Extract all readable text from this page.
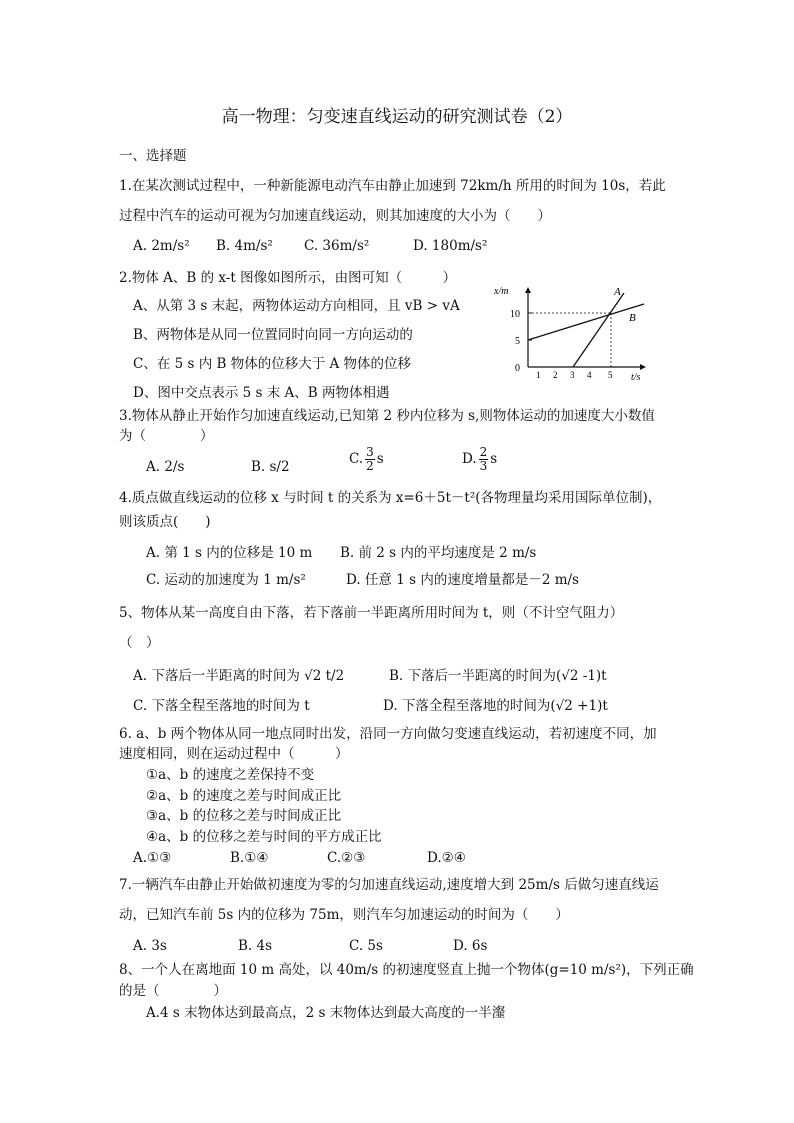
高一物理：匀变速直线运动的研究测试卷（2）
一、选择题
1.在某次测试过程中，一种新能源电动汽车由静止加速到 72km/h 所用的时间为 10s，若此
过程中汽车的运动可视为匀加速直线运动，则其加速度的大小为（　　）
A. 2m/s² B. 4m/s² C. 36m/s²	D. 180m/s²
2.物体 A、B 的 x-t 图像如图所示，由图可知（　　　）
A、从第 3 s 末起，两物体运动方向相同，且 vB > vA
B、两物体是从同一位置同时向同一方向运动的
C、在 5 s 内 B 物体的位移大于 A 物体的位移
D、图中交点表示 5 s 末 A、B 两物体相遇
x/m
t/s
10
5
0
1 2 3 4 5
A
B
3.物体从静止开始作匀加速直线运动,已知第 2 秒内位移为 s,则物体运动的加速度大小数值
为（　　　　）
A. 2/s	B. s/2	C. $\frac{3}{2}$ s	D. $\frac{2}{3}$ s
4.质点做直线运动的位移 x 与时间 t 的关系为 x=6＋5t－t²(各物理量均采用国际单位制)，
则该质点(　　)
A. 第 1 s 内的位移是 10 m B. 前 2 s 内的平均速度是 2 m/s
C. 运动的加速度为 1 m/s²	D. 任意 1 s 内的速度增量都是－2 m/s
5、物体从某一高度自由下落，若下落前一半距离所用时间为 t，则（不计空气阻力）
（　）
A. 下落后一半距离的时间为 √2 t/2	B. 下落后一半距离的时间为(√2 -1)t
C. 下落全程至落地的时间为 t	D. 下落全程至落地的时间为(√2 +1)t
6. a、b 两个物体从同一地点同时出发，沿同一方向做匀变速直线运动，若初速度不同，加
速度相同，则在运动过程中（　　　）
①a、b 的速度之差保持不变
②a、b 的速度之差与时间成正比
③a、b 的位移之差与时间成正比
④a、b 的位移之差与时间的平方成正比
A.①③	B.①④	C.②③	D.②④
7.一辆汽车由静止开始做初速度为零的匀加速直线运动,速度增大到 25m/s 后做匀速直线运
动，已知汽车前 5s 内的位移为 75m，则汽车匀加速运动的时间为（　　）
A. 3s	B. 4s	C. 5s	D. 6s
8、一个人在离地面 10 m 高处，以 40m/s 的初速度竖直上抛一个物体(g=10 m/s²)，下列正确
的是（　　　　）
A.4 s 末物体达到最高点，2 s 末物体达到最大高度的一半瀣
